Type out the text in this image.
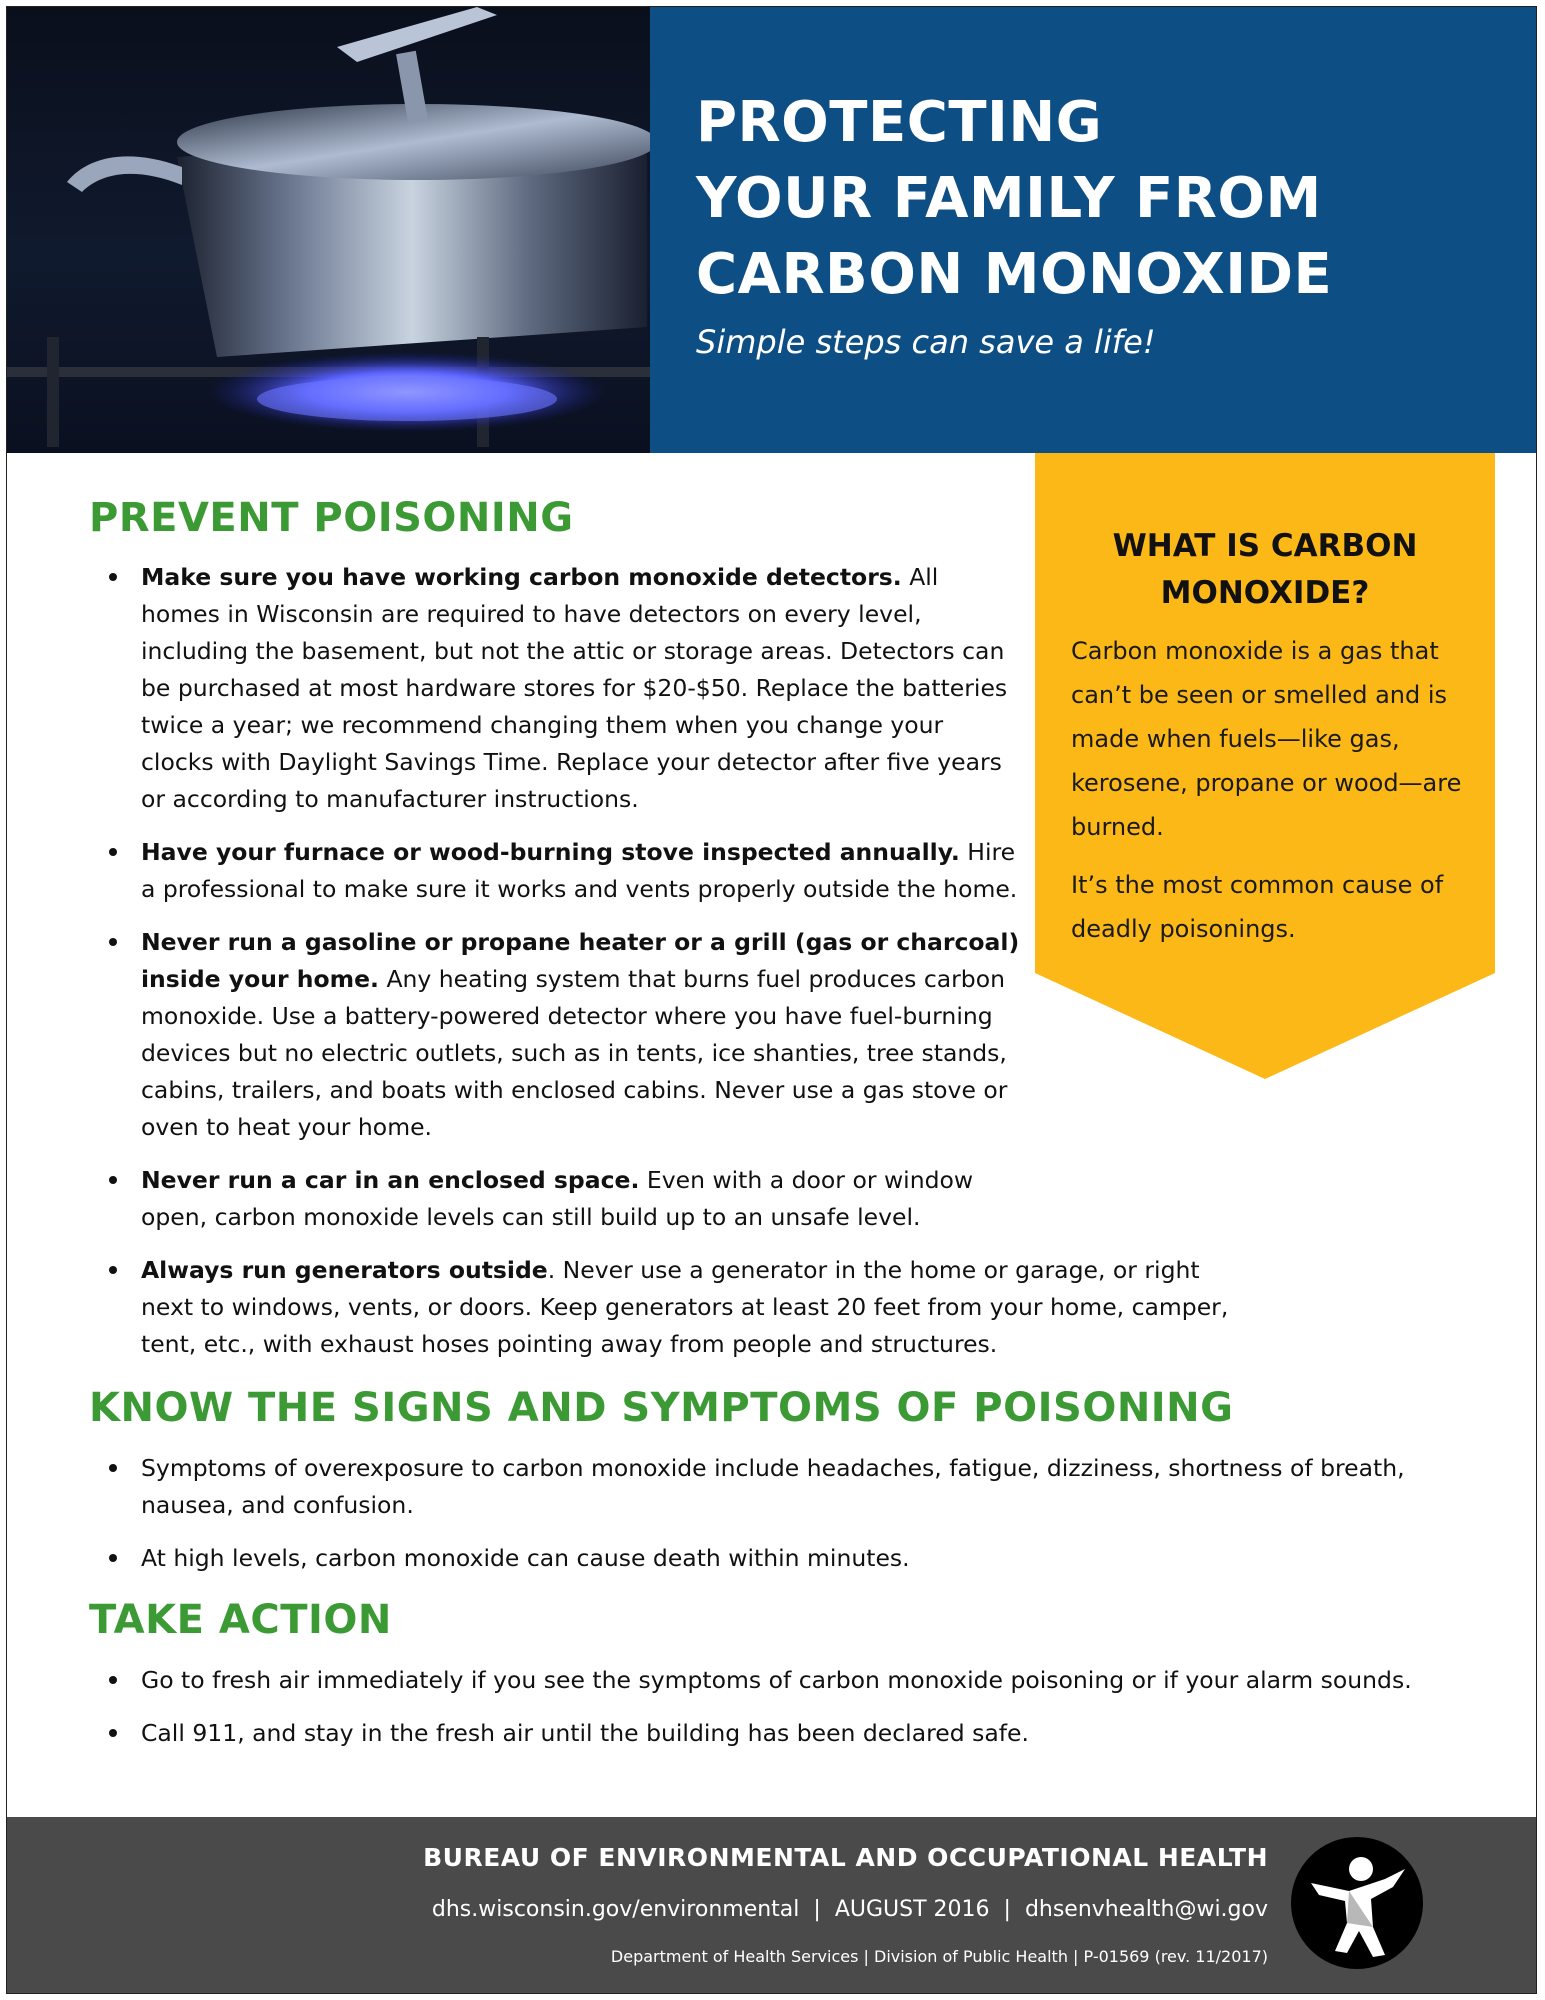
PROTECTING
YOUR FAMILY FROM
CARBON MONOXIDE
Simple steps can save a life!
WHAT IS CARBON
MONOXIDE?

Carbon monoxide is a gas that can’t be seen or smelled and is made when fuels—like gas, kerosene, propane or wood—are burned.

It’s the most common cause of deadly poisonings.

PREVENT POISONING
Make sure you have working carbon monoxide detectors. All homes in Wisconsin are required to have detectors on every level, including the basement, but not the attic or storage areas. Detectors can be purchased at most hardware stores for $20-$50. Replace the batteries twice a year; we recommend changing them when you change your clocks with Daylight Savings Time. Replace your detector after five years or according to manufacturer instructions.
Have your furnace or wood-burning stove inspected annually. Hire a professional to make sure it works and vents properly outside the home.
Never run a gasoline or propane heater or a grill (gas or charcoal) inside your home. Any heating system that burns fuel produces carbon monoxide. Use a battery-powered detector where you have fuel-burning devices but no electric outlets, such as in tents, ice shanties, tree stands, cabins, trailers, and boats with enclosed cabins. Never use a gas stove or oven to heat your home.
Never run a car in an enclosed space. Even with a door or window open, carbon monoxide levels can still build up to an unsafe level.
Always run generators outside. Never use a generator in the home or garage, or right next to windows, vents, or doors. Keep generators at least 20 feet from your home, camper, tent, etc., with exhaust hoses pointing away from people and structures.
KNOW THE SIGNS AND SYMPTOMS OF POISONING
Symptoms of overexposure to carbon monoxide include headaches, fatigue, dizziness, shortness of breath, nausea, and confusion.
At high levels, carbon monoxide can cause death within minutes.
TAKE ACTION
Go to fresh air immediately if you see the symptoms of carbon monoxide poisoning or if your alarm sounds.
Call 911, and stay in the fresh air until the building has been declared safe.
BUREAU OF ENVIRONMENTAL AND OCCUPATIONAL HEALTH
dhs.wisconsin.gov/environmental | AUGUST 2016 | dhsenvhealth@wi.gov
Department of Health Services | Division of Public Health | P-01569 (rev. 11/2017)
